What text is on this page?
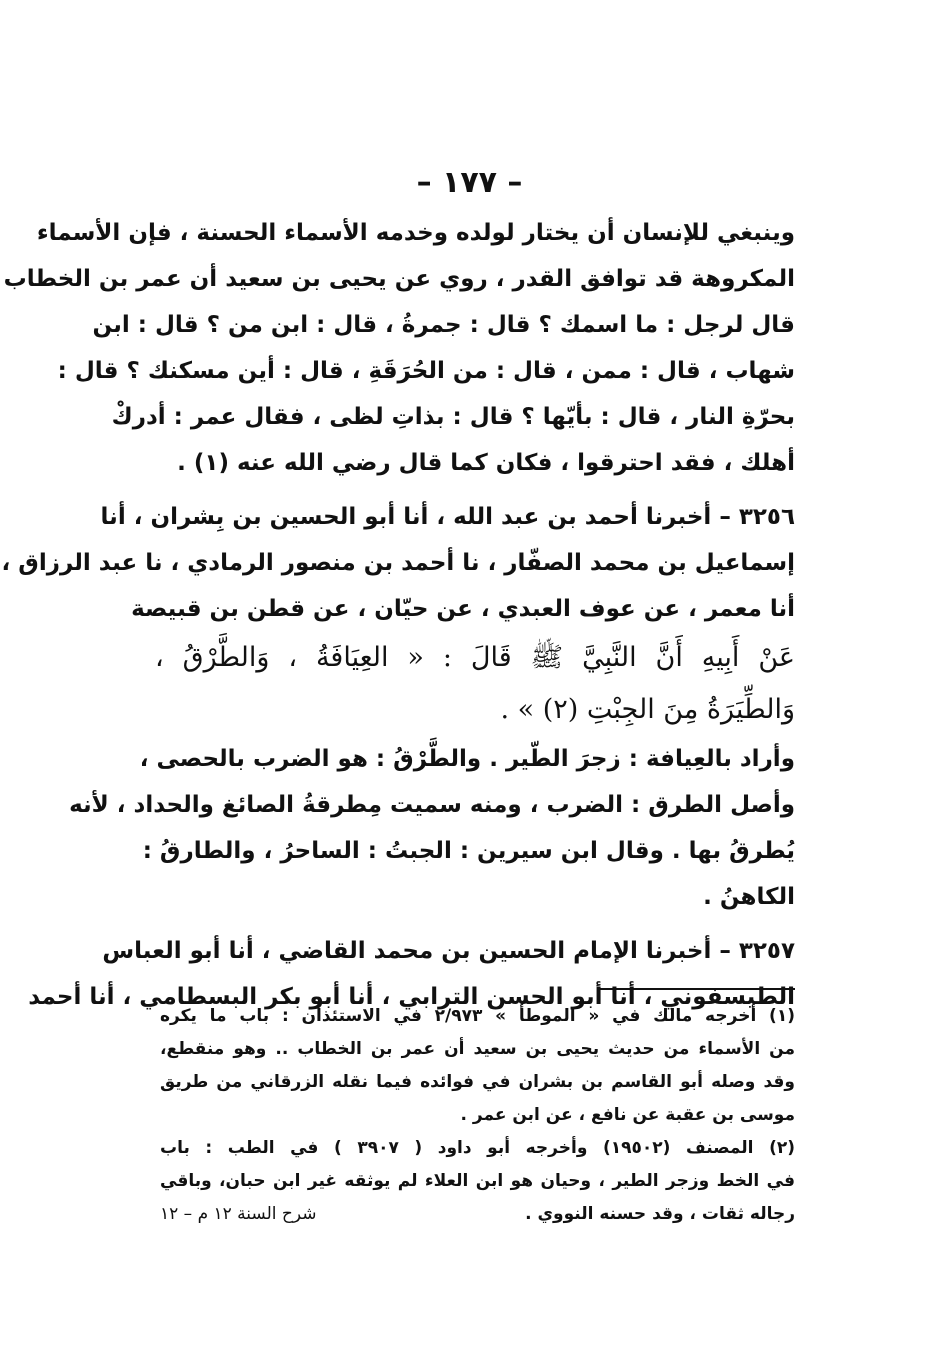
– ١٧٧ –
وينبغي للإنسان أن يختار لولده وخدمه الأسماء الحسنة ، فإن الأسماء
المكروهة قد توافق القدر ، روي عن يحيى بن سعيد أن عمر بن الخطاب
قال لرجل : ما اسمك ؟ قال : جمرةُ ، قال : ابن من ؟ قال : ابن
شهاب ، قال : ممن ، قال : من الحُرَقَةِ ، قال : أين مسكنك ؟ قال :
بحرّةِ النار ، قال : بأيّها ؟ قال : بذاتِ لظى ، فقال عمر : أدركْ
أهلك ، فقد احترقوا ، فكان كما قال رضي الله عنه (١) .
٣٢٥٦ – أخبرنا أحمد بن عبد الله ، أنا أبو الحسين بن بِشران ، أنا
إسماعيل بن محمد الصفّار ، نا أحمد بن منصور الرمادي ، نا عبد الرزاق ،
أنا معمر ، عن عوف العبدي ، عن حيّان ، عن قطن بن قبيصة
عَنْ أَبِيهِ أَنَّ النَّبِيَّ ﷺ قَالَ : « العِيَافَةُ ، وَالطَّرْقُ ،
وَالطِّيَرَةُ مِنَ الجِبْتِ (٢) » .
وأراد بالعِيافة : زجرَ الطّير . والطَّرْقُ : هو الضرب بالحصى ،
وأصل الطرق : الضرب ، ومنه سميت مِطرقةُ الصائغ والحداد ، لأنه
يُطرقُ بها . وقال ابن سيرين : الجبتُ : الساحرُ ، والطارقُ :
الكاهنُ .
٣٢٥٧ – أخبرنا الإمام الحسين بن محمد القاضي ، أنا أبو العباس
الطيسفوني ، أنا أبو الحسن الترابي ، أنا أبو بكر البسطامي ، أنا أحمد
(١) أخرجه مالك في « الموطأ » ٢/٩٧٣ في الاستئذان : باب ما يكره
من الأسماء من حديث يحيى بن سعيد أن عمر بن الخطاب .. وهو منقطع،
وقد وصله أبو القاسم بن بشران في فوائده فيما نقله الزرقاني من طريق
موسى بن عقبة عن نافع ، عن ابن عمر .
(٢) المصنف (١٩٥٠٢) وأخرجه أبو داود ( ٣٩٠٧ ) في الطب : باب
في الخط وزجر الطير ، وحيان هو ابن العلاء لم يوثقه غير ابن حبان، وباقي
رجاله ثقات ، وقد حسنه النووي .
شرح السنة ١٢ م – ١٢
